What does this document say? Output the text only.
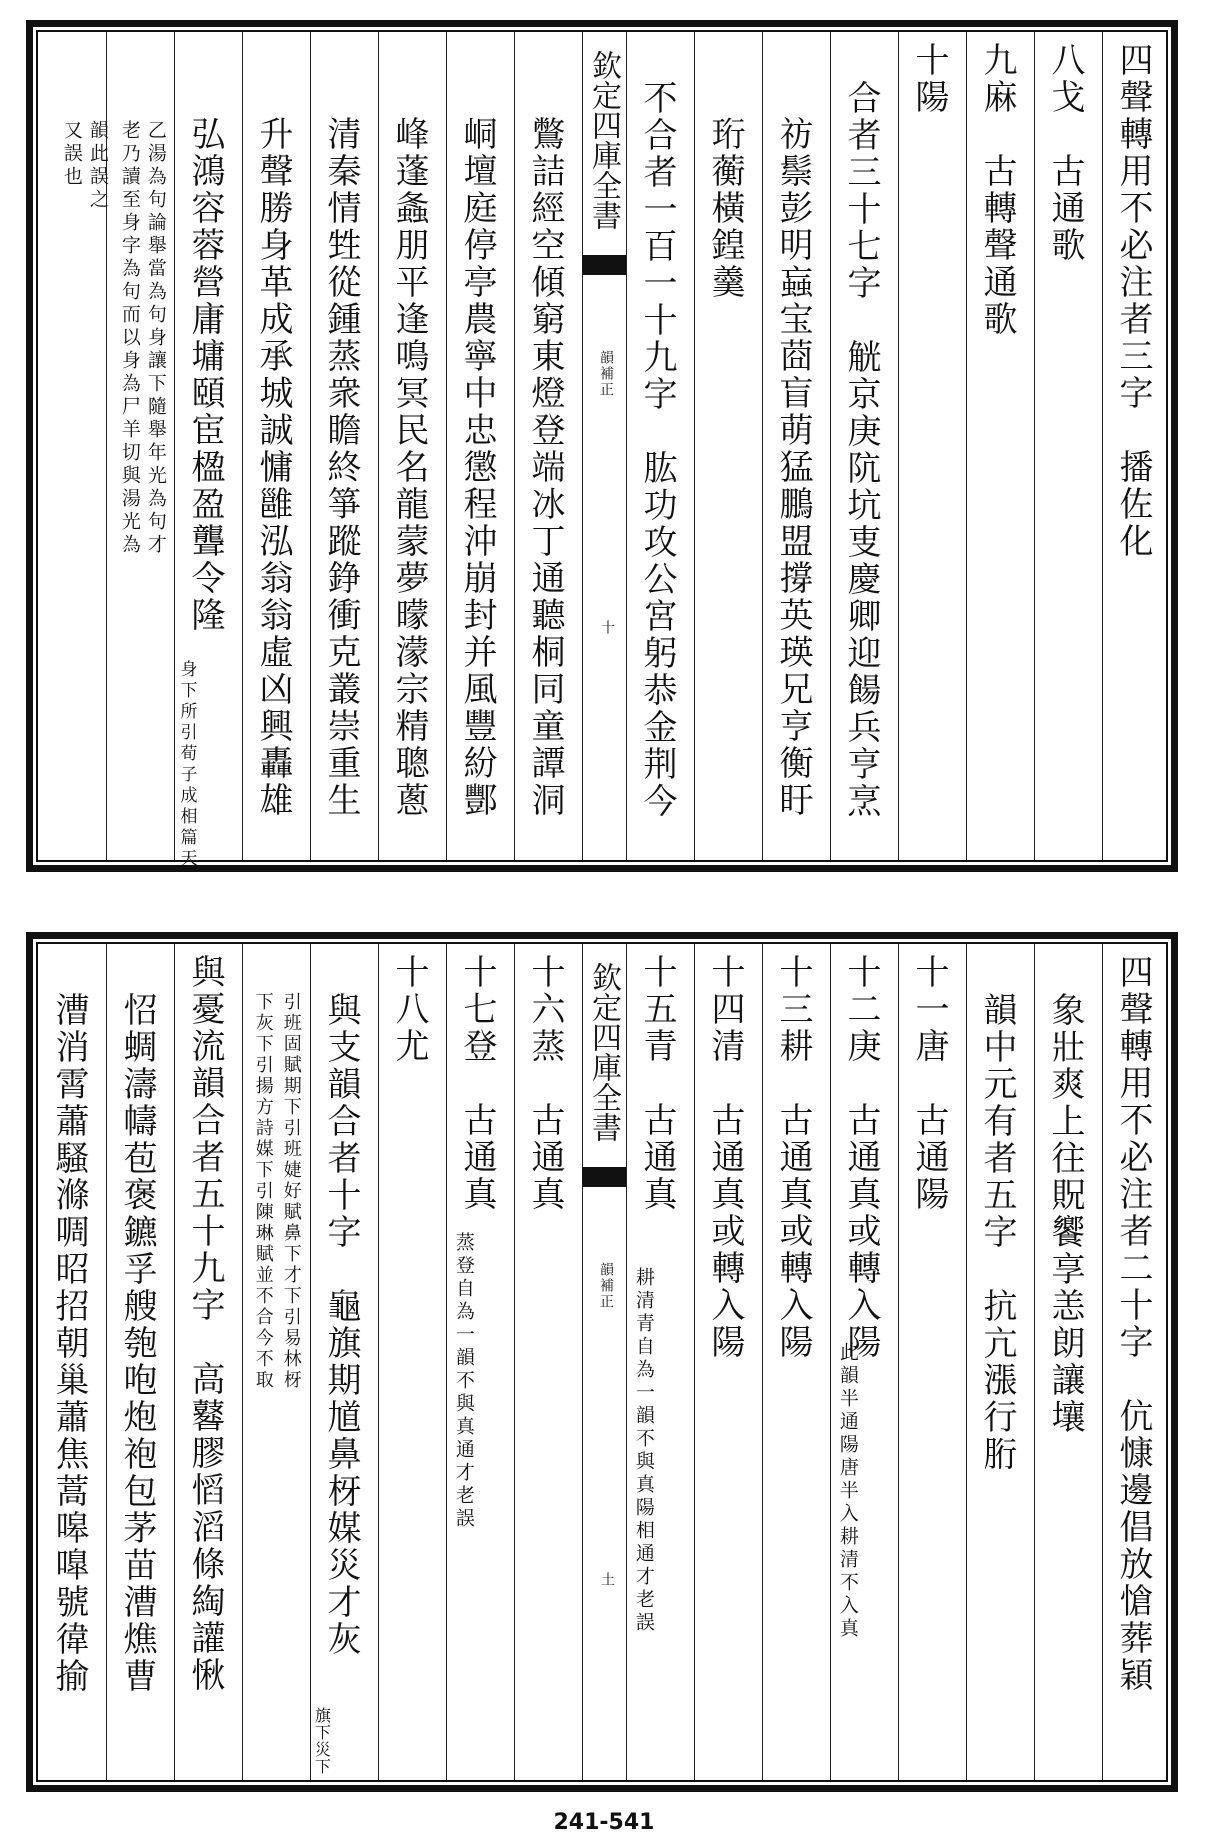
四聲轉用不必注者三字　播佐化
八戈　古通歌
九麻　古轉聲通歌
十陽
合者三十七字　觥京庚阬坑叓慶卿迎餳兵亨烹
祊鬃彭明蝱宝莔盲萌猛鵬盟撐英瑛兄亨衡盱
珩蘅橫鍠羹
不合者一百一十九字　肱功攻公宮躬恭金荆今
欽定四庫全書
韻補正
十
鷩詰經空傾窮東燈登端冰丁通聽桐同童譚洞
峒壇庭停亭農寧中忠懲程沖崩封并風豐紛酆
峰蓬螽朋平逢鳴冥民名龍蒙夢曚濛宗精聰蔥
清秦情甡從鍾蒸衆瞻終箏蹤錚衝克叢崇重生
升聲勝身革成承城誠慵雝泓翁翁虛凶興轟雄
弘鴻容蓉營庸墉頤宦楹盈聾令隆
身下所引荀子成相篇天
乙湯為句論舉當為句身讓下隨舉年光為句才
老乃讀至身字為句而以身為尸羊切與湯光為
韻此誤之
又誤也
四聲轉用不必注者二十字　伉慷邊倡放愴葬穎
象壯爽上往貺饗享恙朗讓壤
韻中元有者五字　抗亢漲行胻
十一唐　古通陽
十二庚　古通真或轉入陽
此韻半通陽唐半入耕清不入真
十三耕　古通真或轉入陽
十四清　古通真或轉入陽
十五青　古通真
耕清青自為一韻不與真陽相通才老誤
欽定四庫全書
韻補正
土
十六蒸　古通真
十七登　古通真
蒸登自為一韻不與真通才老誤
十八尤
與支韻合者十字　龜旗期馗鼻枒媒災才灰
旗下災下
引班固賦期下引班婕好賦鼻下才下引易林枒
下灰下引揚方詩媒下引陳琳賦並不合今不取
與憂流韻合者五十九字　高鼛膠慆滔條綯讙愀
怊蜩濤幬苞褒鑣孚艘匏咆炮袍包茅苗漕燋曹
漕消霄蕭騷滌啁昭招朝巢蕭焦蒿嗥嘷號徫揄
241-541
